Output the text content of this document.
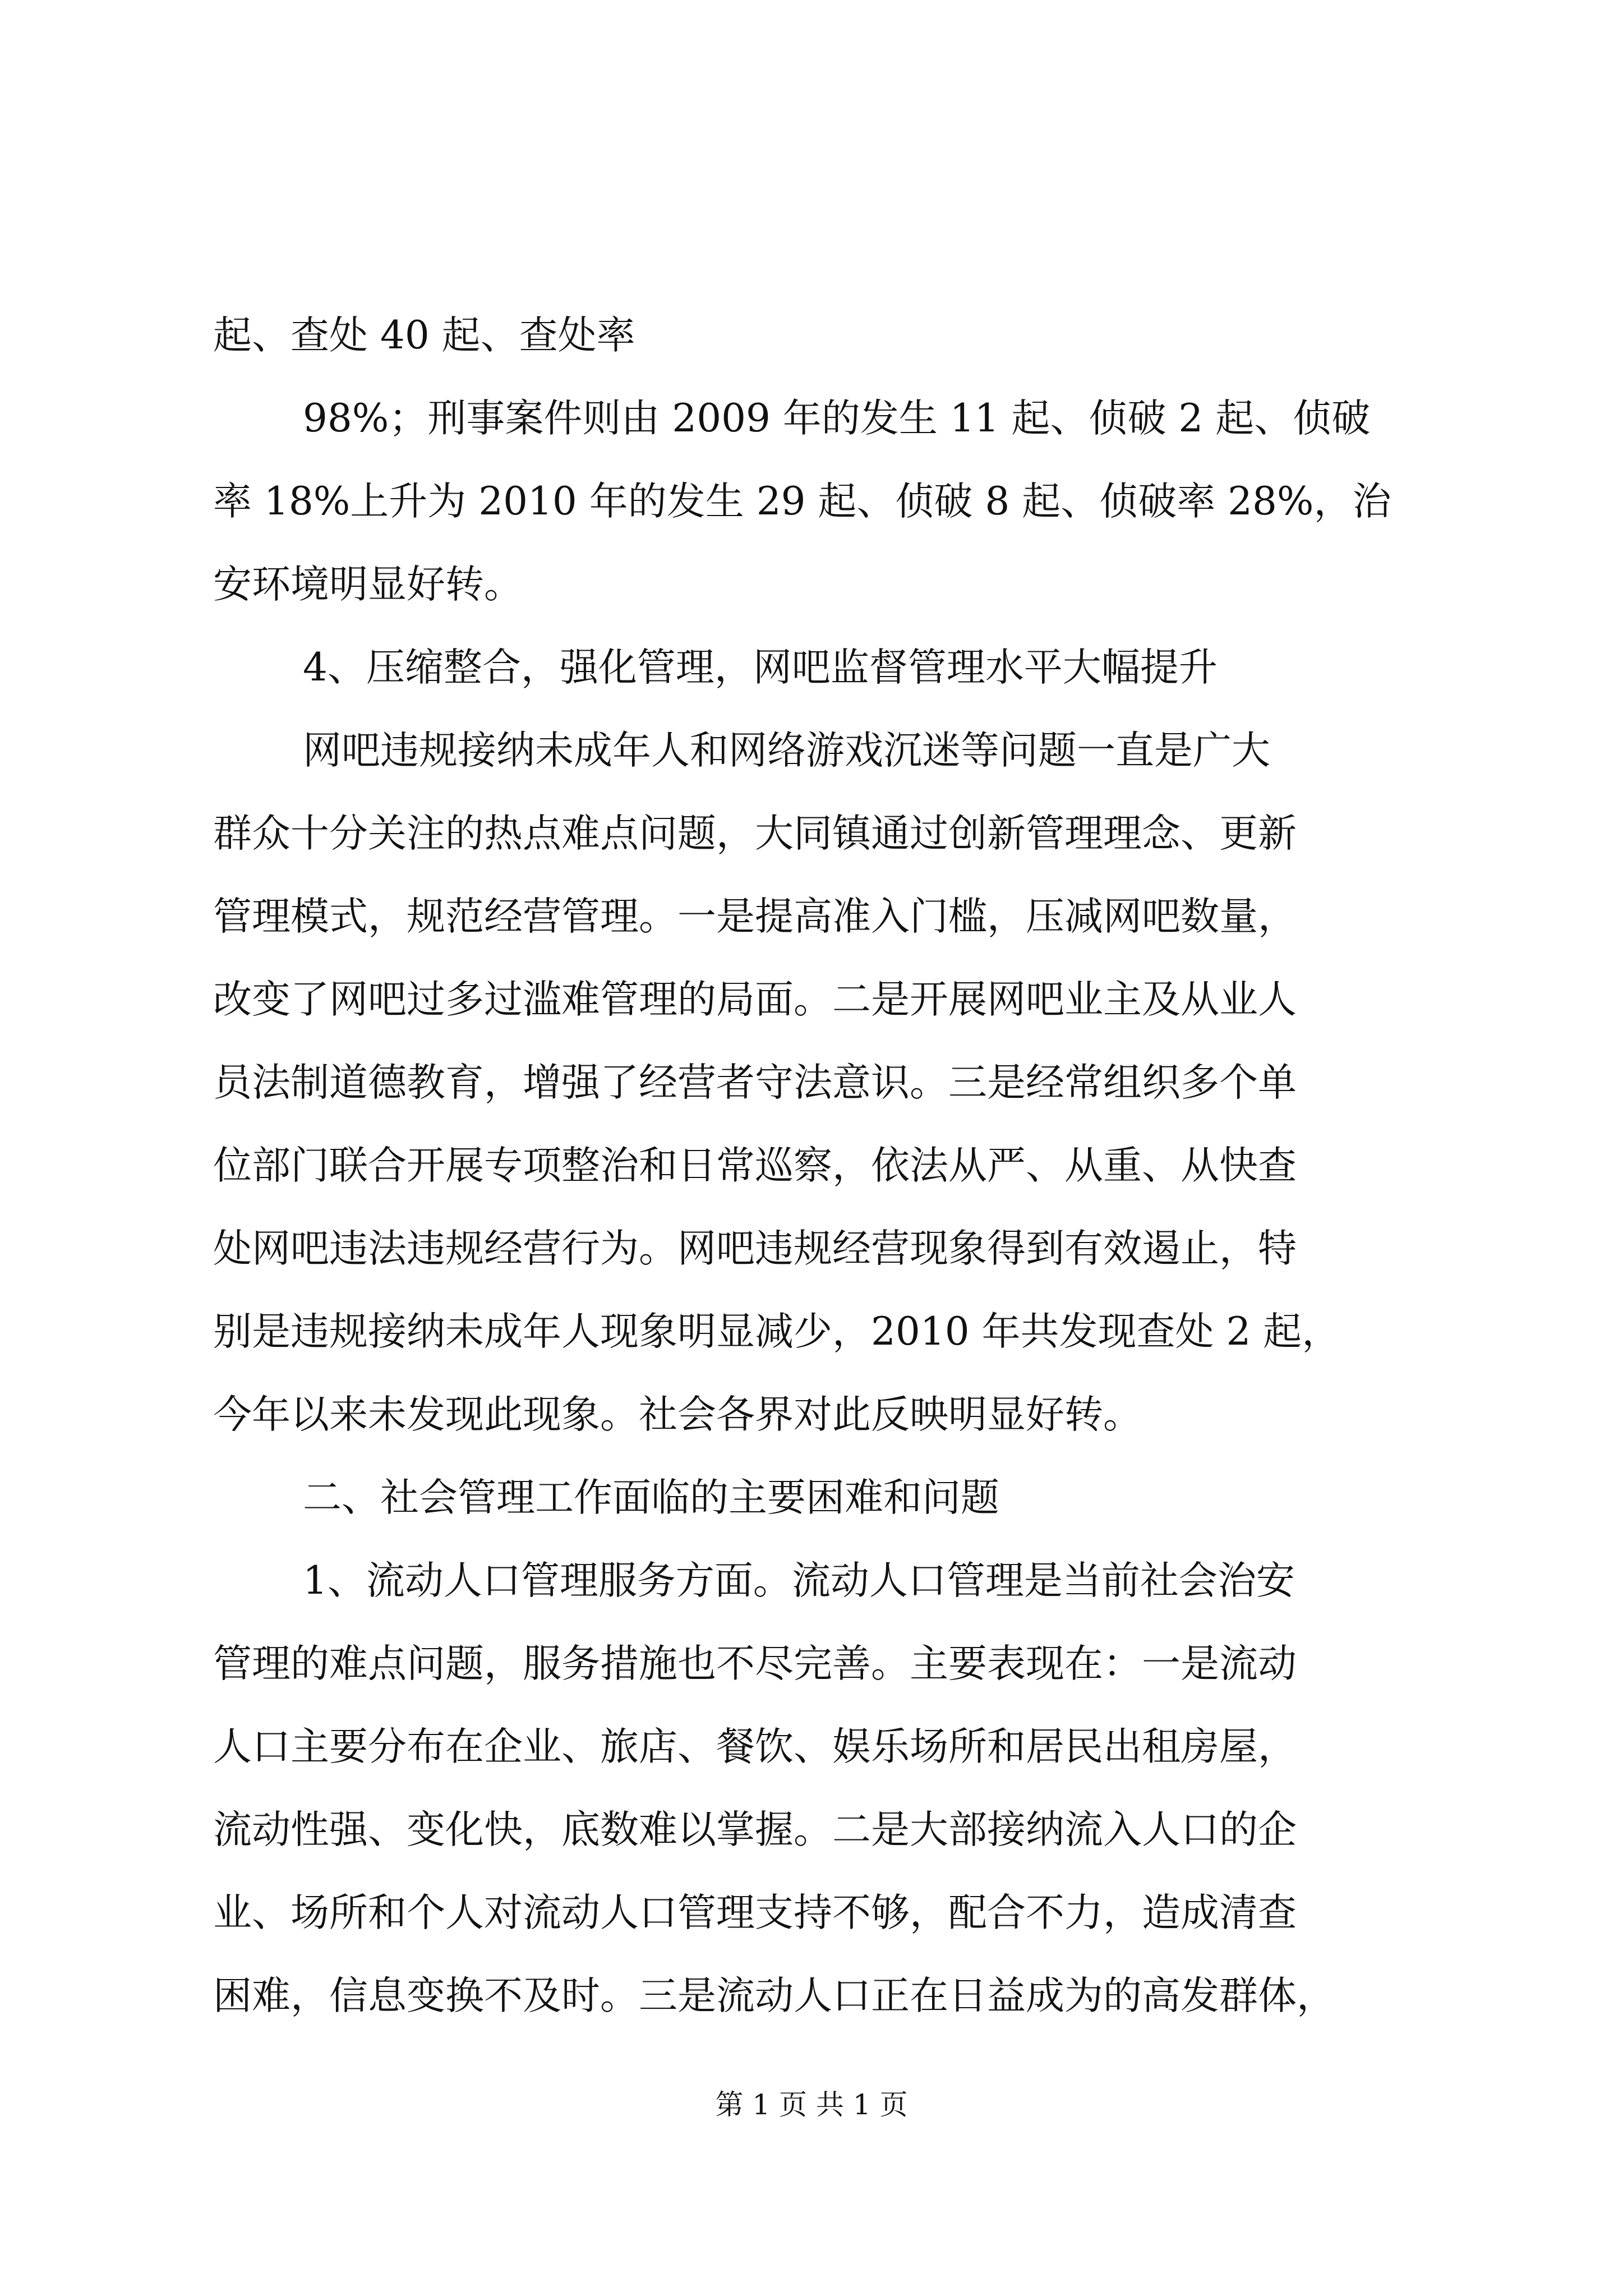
起、查处 40 起、查处率

98%；刑事案件则由 2009 年的发生 11 起、侦破 2 起、侦破

率 18%上升为 2010 年的发生 29 起、侦破 8 起、侦破率 28%，治

安环境明显好转。

4、压缩整合，强化管理，网吧监督管理水平大幅提升

网吧违规接纳未成年人和网络游戏沉迷等问题一直是广大

群众十分关注的热点难点问题，大同镇通过创新管理理念、更新

管理模式，规范经营管理。一是提高准入门槛，压减网吧数量，

改变了网吧过多过滥难管理的局面。二是开展网吧业主及从业人

员法制道德教育，增强了经营者守法意识。三是经常组织多个单

位部门联合开展专项整治和日常巡察，依法从严、从重、从快查

处网吧违法违规经营行为。网吧违规经营现象得到有效遏止，特

别是违规接纳未成年人现象明显减少，2010 年共发现查处 2 起，

今年以来未发现此现象。社会各界对此反映明显好转。

二、社会管理工作面临的主要困难和问题

1、流动人口管理服务方面。流动人口管理是当前社会治安

管理的难点问题，服务措施也不尽完善。主要表现在：一是流动

人口主要分布在企业、旅店、餐饮、娱乐场所和居民出租房屋，

流动性强、变化快，底数难以掌握。二是大部接纳流入人口的企

业、场所和个人对流动人口管理支持不够，配合不力，造成清查

困难，信息变换不及时。三是流动人口正在日益成为的高发群体，

第 1 页 共 1 页
